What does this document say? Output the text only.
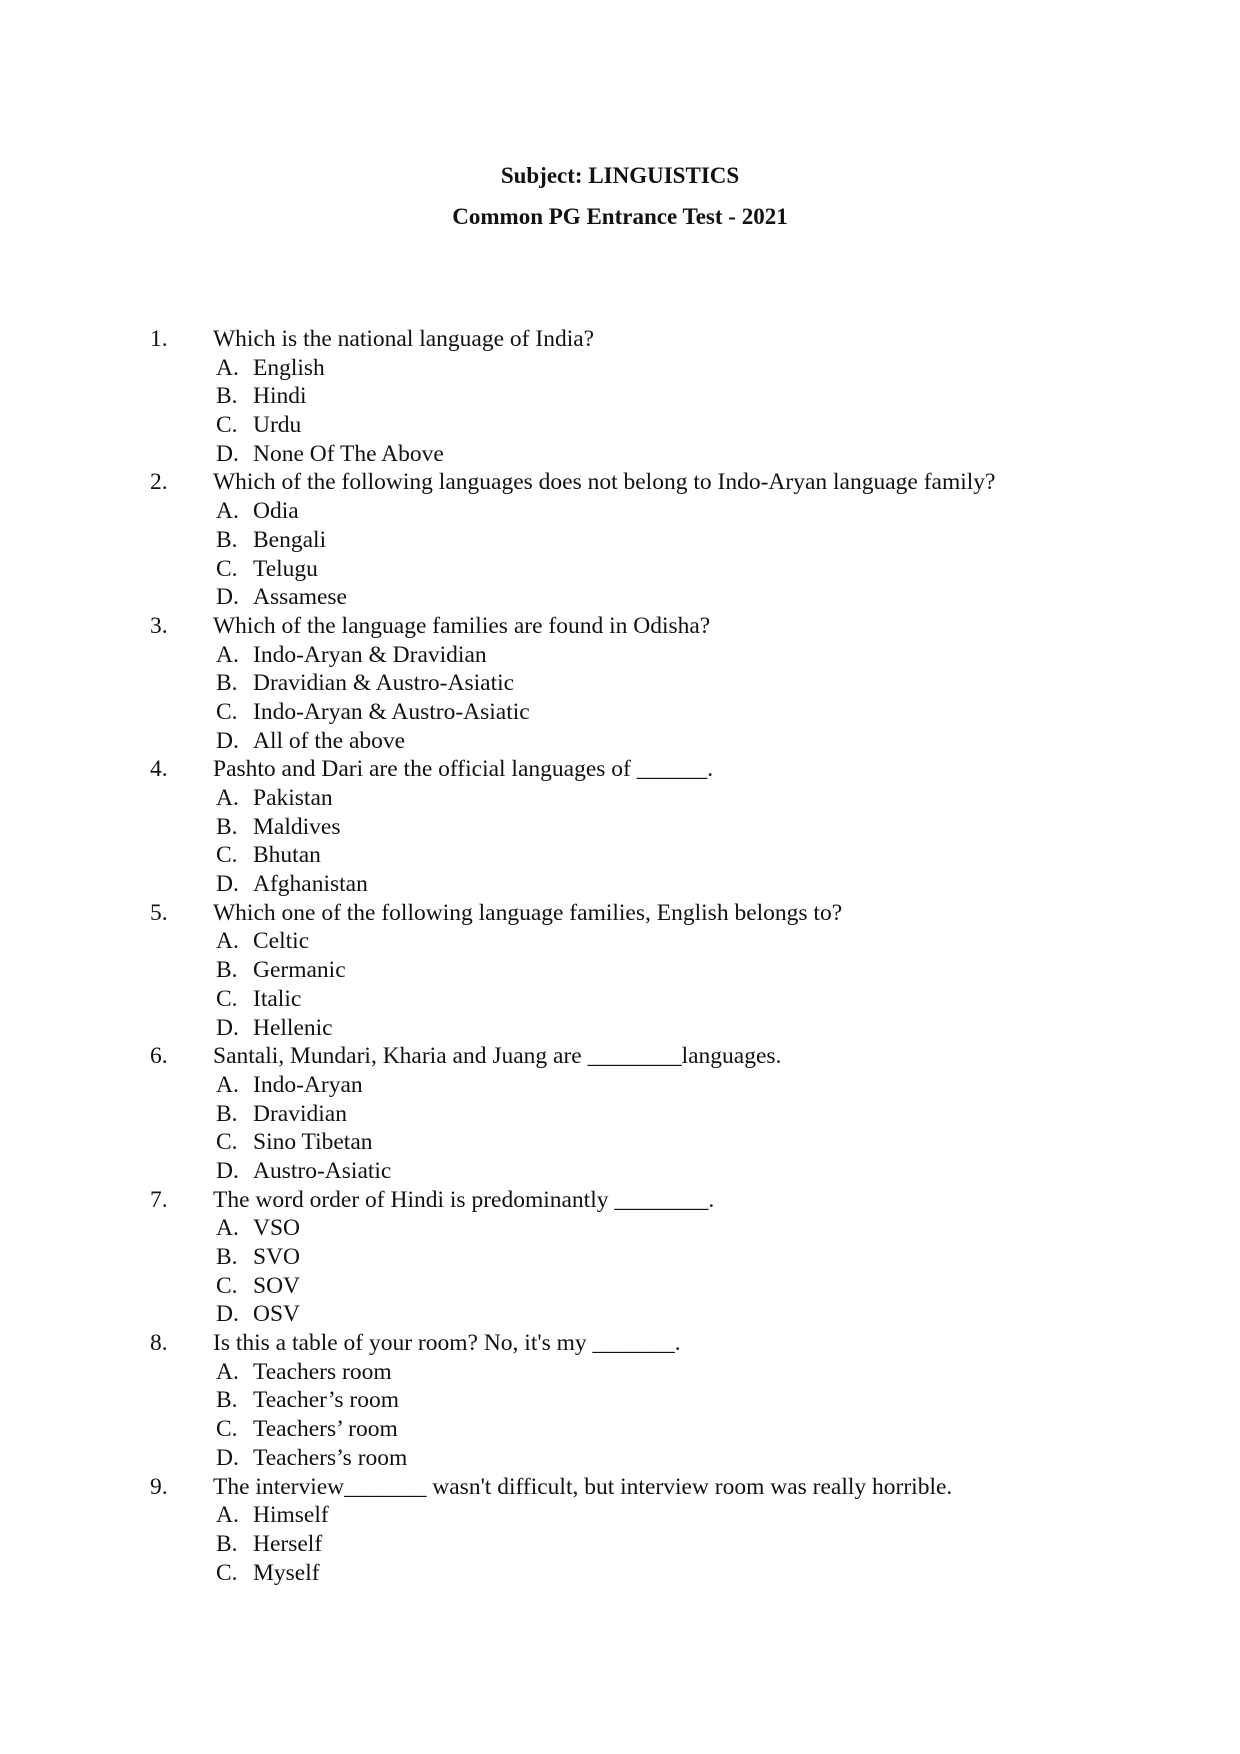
Subject: LINGUISTICS
Common PG Entrance Test - 2021
1. Which is the national language of India?
A. English
B. Hindi
C. Urdu
D. None Of The Above
2. Which of the following languages does not belong to Indo-Aryan language family?
A. Odia
B. Bengali
C. Telugu
D. Assamese
3. Which of the language families are found in Odisha?
A. Indo-Aryan & Dravidian
B. Dravidian & Austro-Asiatic
C. Indo-Aryan & Austro-Asiatic
D. All of the above
4. Pashto and Dari are the official languages of ______.
A. Pakistan
B. Maldives
C. Bhutan
D. Afghanistan
5. Which one of the following language families, English belongs to?
A. Celtic
B. Germanic
C. Italic
D. Hellenic
6. Santali, Mundari, Kharia and Juang are ________languages.
A. Indo-Aryan
B. Dravidian
C. Sino Tibetan
D. Austro-Asiatic
7. The word order of Hindi is predominantly ________.
A. VSO
B. SVO
C. SOV
D. OSV
8. Is this a table of your room? No, it's my _______.
A. Teachers room
B. Teacher’s room
C. Teachers’ room
D. Teachers’s room
9. The interview_______ wasn't difficult, but interview room was really horrible.
A. Himself
B. Herself
C. Myself
